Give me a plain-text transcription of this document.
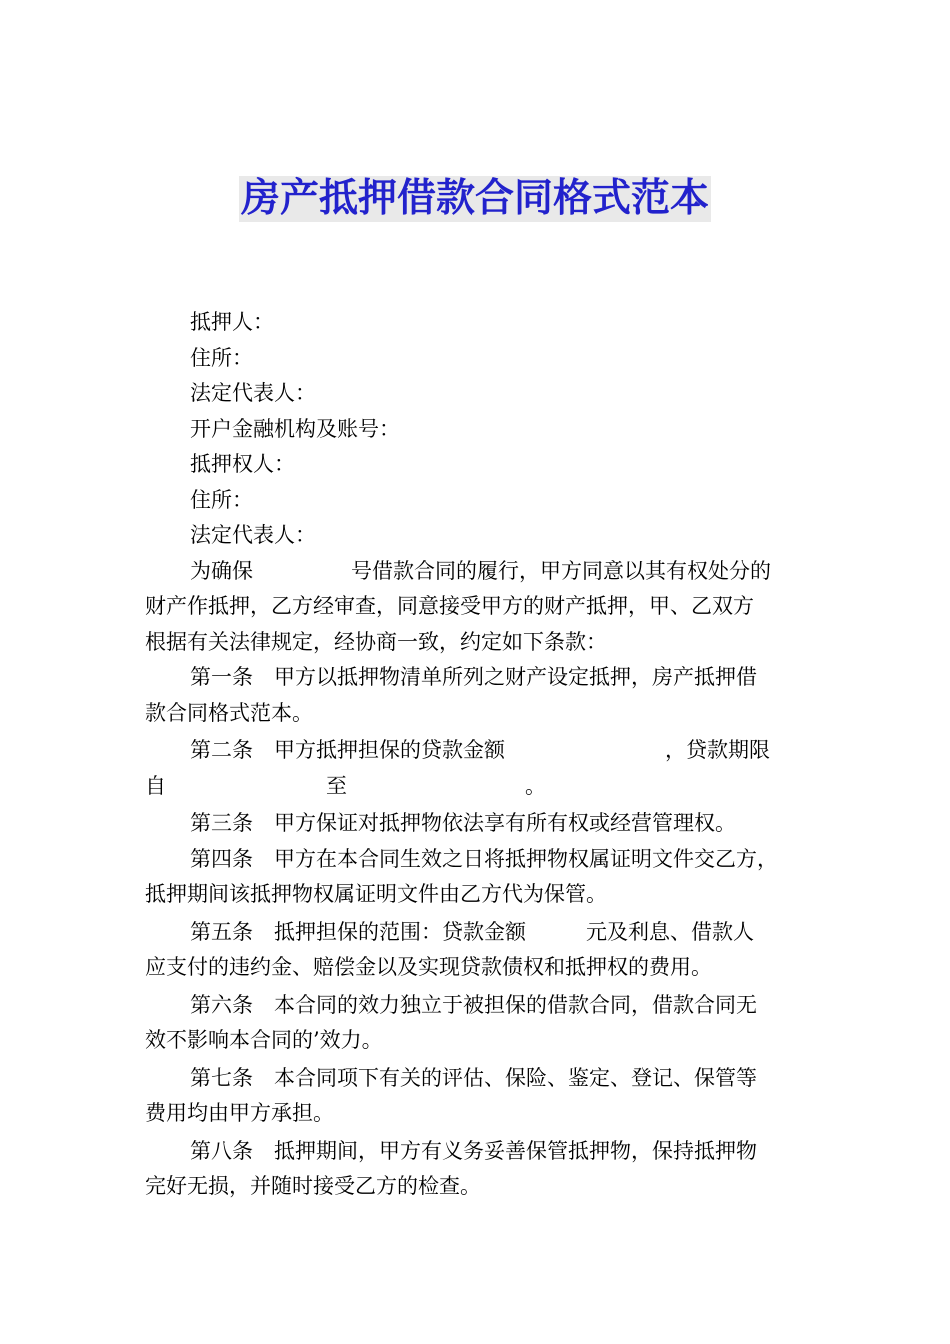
房产抵押借款合同格式范本
抵押人：
住所：
法定代表人：
开户金融机构及账号：
抵押权人：
住所：
法定代表人：
为确保	号借款合同的履行，甲方同意以其有权处分的
财产作抵押，乙方经审查，同意接受甲方的财产抵押，甲、乙双方
根据有关法律规定，经协商一致，约定如下条款：
第一条　甲方以抵押物清单所列之财产设定抵押，房产抵押借
款合同格式范本。
第二条　甲方抵押担保的贷款金额	，贷款期限
自	至	。
第三条　甲方保证对抵押物依法享有所有权或经营管理权。
第四条　甲方在本合同生效之日将抵押物权属证明文件交乙方，
抵押期间该抵押物权属证明文件由乙方代为保管。
第五条　抵押担保的范围：贷款金额	元及利息、借款人
应支付的违约金、赔偿金以及实现贷款债权和抵押权的费用。
第六条　本合同的效力独立于被担保的借款合同，借款合同无
效不影响本合同的’效力。
第七条　本合同项下有关的评估、保险、鉴定、登记、保管等
费用均由甲方承担。
第八条　抵押期间，甲方有义务妥善保管抵押物，保持抵押物
完好无损，并随时接受乙方的检查。
